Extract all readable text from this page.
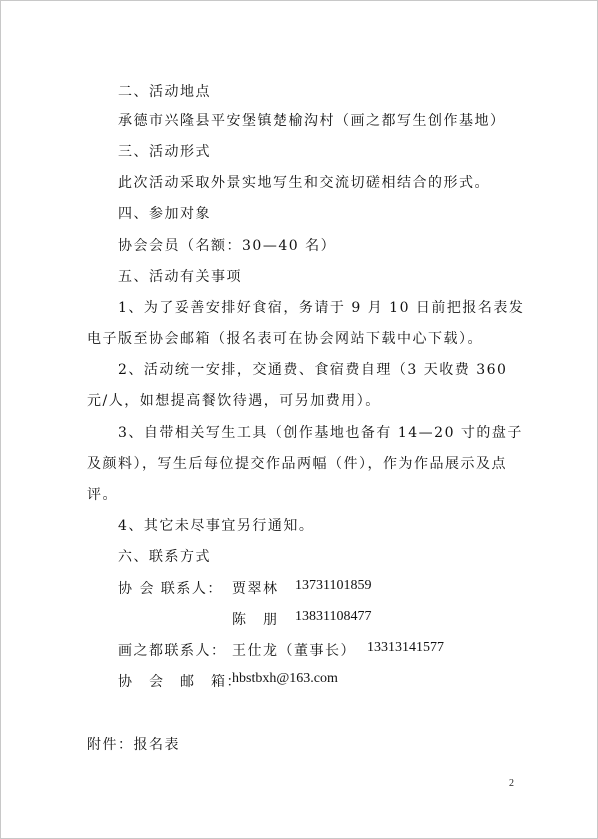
二、活动地点
承德市兴隆县平安堡镇楚榆沟村（画之都写生创作基地）
三、活动形式
此次活动采取外景实地写生和交流切磋相结合的形式。
四、参加对象
协会会员（名额：30—40 名）
五、活动有关事项
1、为了妥善安排好食宿，务请于 9 月 10 日前把报名表发
电子版至协会邮箱（报名表可在协会网站下载中心下载）。
2、活动统一安排，交通费、食宿费自理（3 天收费 360
元/人，如想提高餐饮待遇，可另加费用）。
3、自带相关写生工具（创作基地也备有 14—20 寸的盘子
及颜料），写生后每位提交作品两幅（件），作为作品展示及点
评。
4、其它未尽事宜另行通知。
六、联系方式
协 会 联系人： 贾翠林 13731101859
陈　朋 13831108477
画之都联系人： 王仕龙（董事长） 13313141577
协　会　邮　箱：
hbstbxh@163.com
附件：报名表
2
